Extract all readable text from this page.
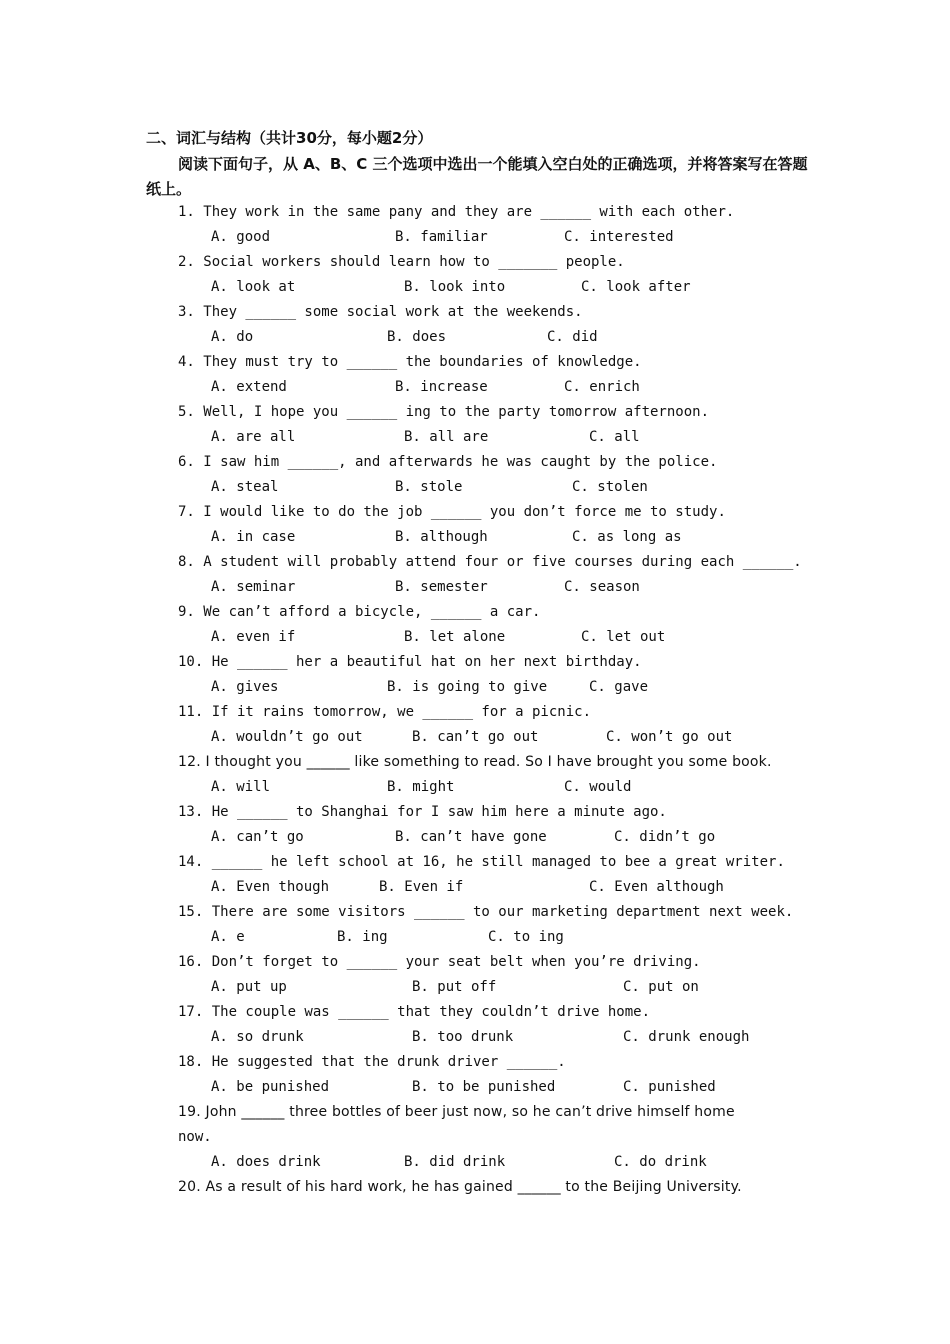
二、词汇与结构（共计30分，每小题2分）
阅读下面句子，从 A、B、C 三个选项中选出一个能填入空白处的正确选项，并将答案写在答题纸上。
1. They work in the same pany and they are ______ with each other.
A. good	B. familiar	C. interested
2. Social workers should learn how to _______ people.
A. look at	B. look into	C. look after
3. They ______ some social work at the weekends.
A. do	B. does	C. did
4. They must try to ______ the boundaries of knowledge.
A. extend	B. increase	C. enrich
5. Well, I hope you ______ ing to the party tomorrow afternoon.
A. are all	B. all are	C. all
6. I saw him ______, and afterwards he was caught by the police.
A. steal	B. stole	C. stolen
7. I would like to do the job ______ you don’t force me to study.
A. in case	B. although	C. as long as
8. A student will probably attend four or five courses during each ______.
A. seminar	B. semester	C. season
9. We can’t afford a bicycle, ______ a car.
A. even if	B. let alone	C. let out
10. He ______ her a beautiful hat on her next birthday.
A. gives	B. is going to give	C. gave
11. If it rains tomorrow, we ______ for a picnic.
A. wouldn’t go out	B. can’t go out	C. won’t go out
12. I thought you ______ like something to read. So I have brought you some book.
A. will	B. might	C. would
13. He ______ to Shanghai for I saw him here a minute ago.
A. can’t go	B. can’t have gone	C. didn’t go
14. ______ he left school at 16, he still managed to bee a great writer.
A. Even though	B. Even if	C. Even although
15. There are some visitors ______ to our marketing department next week.
A. e	B. ing	C. to ing
16. Don’t forget to ______ your seat belt when you’re driving.
A. put up	B. put off	C. put on
17. The couple was ______ that they couldn’t drive home.
A. so drunk	B. too drunk	C. drunk enough
18. He suggested that the drunk driver ______.
A. be punished	B. to be punished	C. punished
19. John ______ three bottles of beer just now, so he can’t drive himself home
now.
A. does drink	B. did drink	C. do drink
20. As a result of his hard work, he has gained ______ to the Beijing University.
